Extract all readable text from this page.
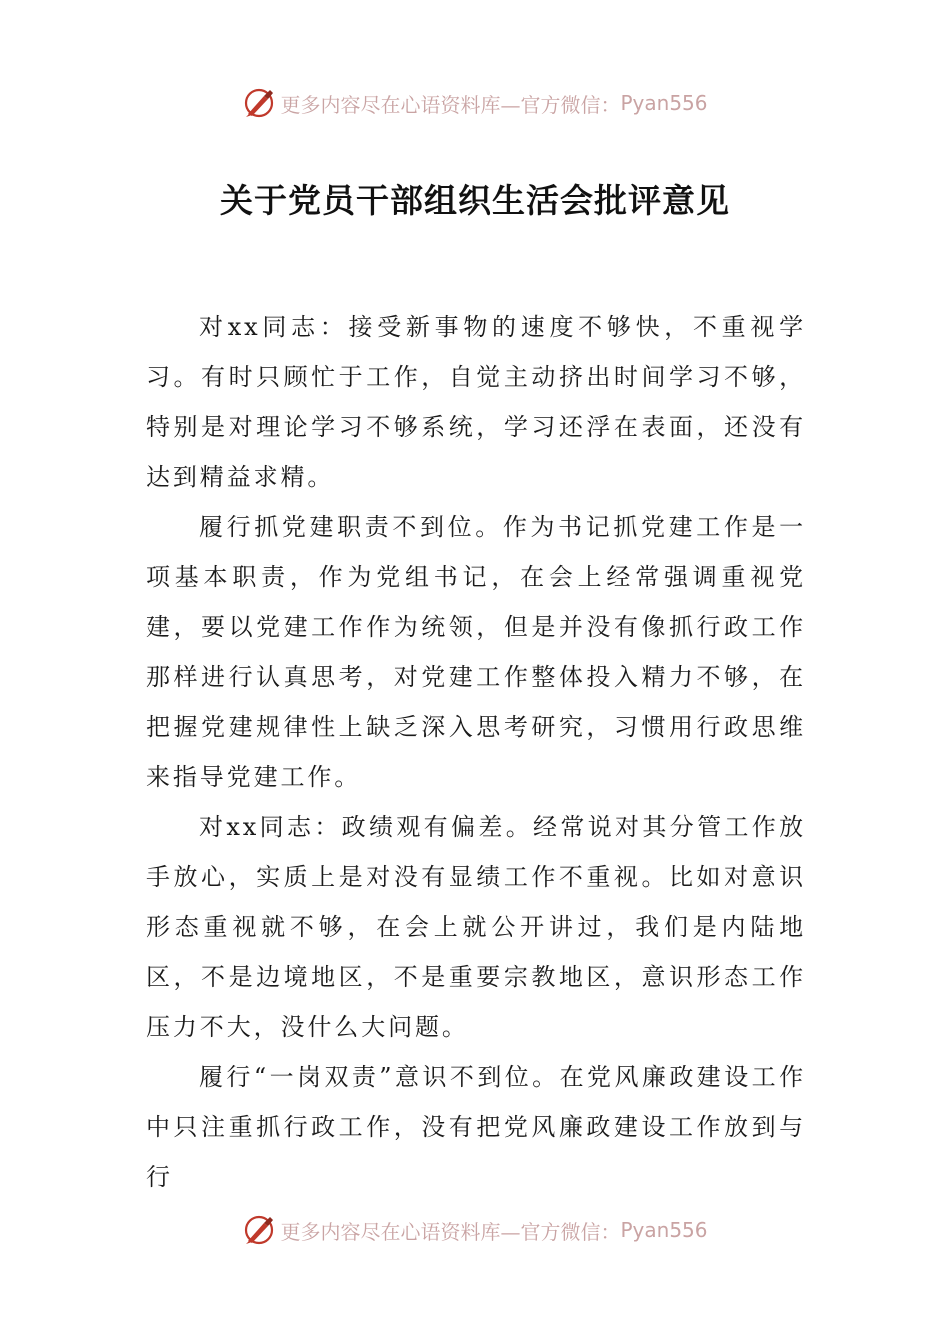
更多内容尽在心语资料库—官方微信： Pyan556
关于党员干部组织生活会批评意见

对xx同志：接受新事物的速度不够快，不重视学习。有时只顾忙于工作，自觉主动挤出时间学习不够，特别是对理论学习不够系统，学习还浮在表面，还没有达到精益求精。

履行抓党建职责不到位。作为书记抓党建工作是一项基本职责，作为党组书记，在会上经常强调重视党建，要以党建工作作为统领，但是并没有像抓行政工作那样进行认真思考，对党建工作整体投入精力不够，在把握党建规律性上缺乏深入思考研究，习惯用行政思维来指导党建工作。

对xx同志：政绩观有偏差。经常说对其分管工作放手放心，实质上是对没有显绩工作不重视。比如对意识形态重视就不够，在会上就公开讲过，我们是内陆地区，不是边境地区，不是重要宗教地区，意识形态工作压力不大，没什么大问题。

履行“一岗双责”意识不到位。在党风廉政建设工作中只注重抓行政工作，没有把党风廉政建设工作放到与行

更多内容尽在心语资料库—官方微信： Pyan556
